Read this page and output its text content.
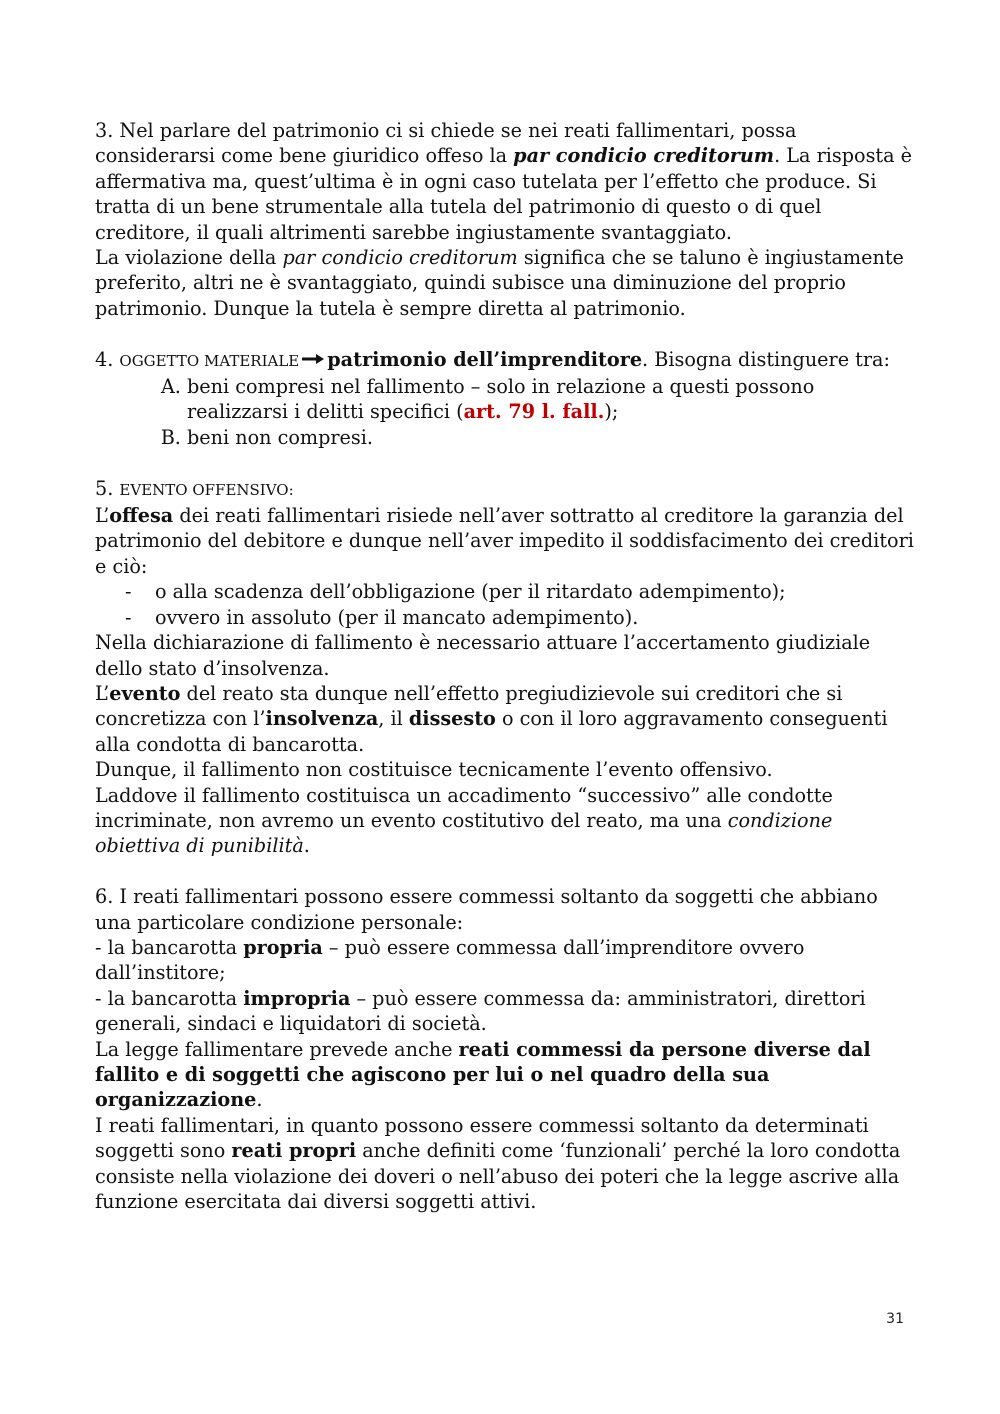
3. Nel parlare del patrimonio ci si chiede se nei reati fallimentari, possa considerarsi come bene giuridico offeso la par condicio creditorum. La risposta è affermativa ma, quest’ultima è in ogni caso tutelata per l’effetto che produce. Si tratta di un bene strumentale alla tutela del patrimonio di questo o di quel creditore, il quali altrimenti sarebbe ingiustamente svantaggiato.

La violazione della par condicio creditorum significa che se taluno è ingiustamente preferito, altri ne è svantaggiato, quindi subisce una diminuzione del proprio patrimonio. Dunque la tutela è sempre diretta al patrimonio.

4. OGGETTO MATERIALE patrimonio dell’imprenditore. Bisogna distinguere tra:

A. beni compresi nel fallimento – solo in relazione a questi possono realizzarsi i delitti specifici (art. 79 l. fall.);
B. beni non compresi.

5. EVENTO OFFENSIVO:

L’offesa dei reati fallimentari risiede nell’aver sottratto al creditore la garanzia del patrimonio del debitore e dunque nell’aver impedito il soddisfacimento dei creditori e ciò:

- o alla scadenza dell’obbligazione (per il ritardato adempimento);
- ovvero in assoluto (per il mancato adempimento).

Nella dichiarazione di fallimento è necessario attuare l’accertamento giudiziale dello stato d’insolvenza.

L’evento del reato sta dunque nell’effetto pregiudizievole sui creditori che si concretizza con l’insolvenza, il dissesto o con il loro aggravamento conseguenti alla condotta di bancarotta.

Dunque, il fallimento non costituisce tecnicamente l’evento offensivo.

Laddove il fallimento costituisca un accadimento “successivo” alle condotte incriminate, non avremo un evento costitutivo del reato, ma una condizione obiettiva di punibilità.

6. I reati fallimentari possono essere commessi soltanto da soggetti che abbiano una particolare condizione personale:

- la bancarotta propria – può essere commessa dall’imprenditore ovvero dall’institore;

- la bancarotta impropria – può essere commessa da: amministratori, direttori generali, sindaci e liquidatori di società.

La legge fallimentare prevede anche reati commessi da persone diverse dal fallito e di soggetti che agiscono per lui o nel quadro della sua organizzazione.

I reati fallimentari, in quanto possono essere commessi soltanto da determinati soggetti sono reati propri anche definiti come ‘funzionali’ perché la loro condotta consiste nella violazione dei doveri o nell’abuso dei poteri che la legge ascrive alla funzione esercitata dai diversi soggetti attivi.

31
